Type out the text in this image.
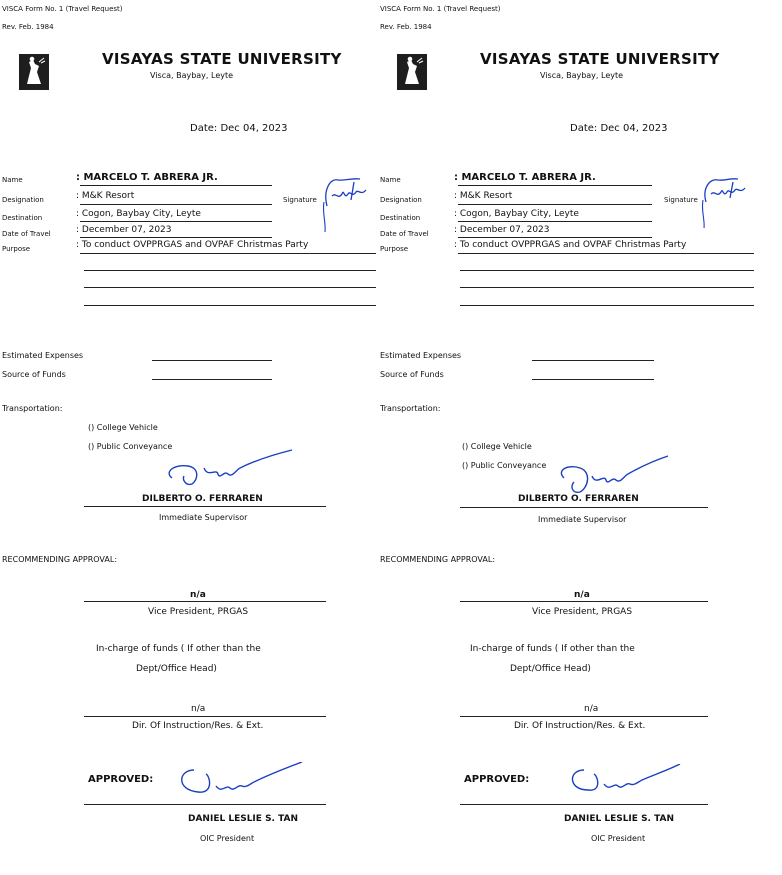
VISCA Form No. 1 (Travel Request)
Rev. Feb. 1984
VISAYAS STATE UNIVERSITY
Visca, Baybay, Leyte
Date: Dec 04, 2023
Name	: MARCELO T. ABRERA JR.
Designation	: M&K Resort	Signature
Destination	: Cogon, Baybay City, Leyte
Date of Travel	: December 07, 2023
Purpose	: To conduct OVPPRGAS and OVPAF Christmas Party
Estimated Expenses
Source of Funds
Transportation:
() College Vehicle
() Public Conveyance
DILBERTO O. FERRAREN
Immediate Supervisor
RECOMMENDING APPROVAL:
n/a
Vice President, PRGAS
In-charge of funds ( If other than the
Dept/Office Head)
n/a
Dir. Of Instruction/Res. & Ext.
APPROVED:
DANIEL LESLIE S. TAN
OIC President
VISCA Form No. 1 (Travel Request)
Rev. Feb. 1984
VISAYAS STATE UNIVERSITY
Visca, Baybay, Leyte
Date: Dec 04, 2023
Name	: MARCELO T. ABRERA JR.
Designation	: M&K Resort	Signature
Destination	: Cogon, Baybay City, Leyte
Date of Travel	: December 07, 2023
Purpose	: To conduct OVPPRGAS and OVPAF Christmas Party
Estimated Expenses
Source of Funds
Transportation:
() College Vehicle
() Public Conveyance
DILBERTO O. FERRAREN
Immediate Supervisor
RECOMMENDING APPROVAL:
n/a
Vice President, PRGAS
In-charge of funds ( If other than the
Dept/Office Head)
n/a
Dir. Of Instruction/Res. & Ext.
APPROVED:
DANIEL LESLIE S. TAN
OIC President
